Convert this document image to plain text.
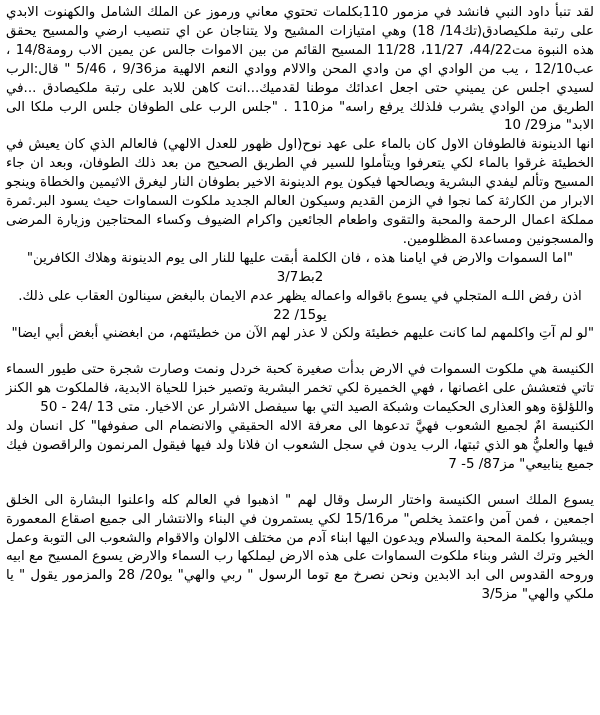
لقد تنبأ داود النبي فانشد في مزمور 110بكلمات تحتوي معاني ورموز عن الملك الشامل والكهنوت الابدي على رتبة ملكيصادق(تك14/ 18) وهي امتيازات المشيح ولا يتناجان عن اي تنصيب ارضي والمسيح يحقق هذه النبوة مت44/22، 11/27، 11/28 المسيح القائم من بين الاموات جالس عن يمين الاب رومة14/8 ، عب12/10 ، يب من الوادي اي من وادي المحن والالام ووادي النعم الالهية مز9/36 ، 5/46 " قال:الرب لسيدي اجلس عن يميني حتى اجعل اعدائك موطنا لقدميك...انت كاهن للابد على رتبة ملكيصادق ...في الطريق من الوادي يشرب فلذلك يرفع راسه" مز110 . "جلس الرب على الطوفان جلس الرب ملكا الى الابد" مز29/ 10

انها الدينونة فالطوفان الاول كان بالماء على عهد نوح(اول ظهور للعدل الالهي) فالعالم الذي كان يعيش في الخطيئة غرقوا بالماء لكي يتعرفوا ويتأملوا للسير في الطريق الصحيح من بعد ذلك الطوفان، وبعد ان جاء المسيح وتألم ليفدي البشرية ويصالحها فيكون يوم الدينونة الاخير بطوفان النار ليغرق الاثيمين والخطاة وينجو الابرار من الكارثة كما نجوا في الزمن القديم وسيكون العالم الجديد ملكوت السماوات حيث يسود البر.ثمرة مملكة اعمال الرحمة والمحبة والتقوى واطعام الجائعين واكرام الضيوف وكساء المحتاجين وزيارة المرضى والمسجونين ومساعدة المظلومين.

"اما السموات والارض في ايامنا هذه ، فان الكلمة أبقت عليها للنار الى يوم الدينونة وهلاك الكافرين" 2بط3/7

اذن رفض اللـه المتجلي في يسوع باقواله واعماله يظهر عدم الايمان بالبغض سينالون العقاب على ذلك.

يو15/ 22

"لو لم آتِ واكلمهم لما كانت عليهم خطيئة ولكن لا عذر لهم الآن من خطيئتهم، من ابغضني أبغض أبي ايضا"

الكنيسة هي ملكوت السموات في الارض بدأت صغيرة كحبة خردل ونمت وصارت شجرة حتى طيور السماء تاتي فتعشش على اغصانها ، فهي الخميرة لكي تخمر البشرية وتصير خبزا للحياة الابدية، فالملكوت هو الكنز واللؤلؤة وهو العذارى الحكيمات وشبكة الصيد التي بها سيفصل الاشرار عن الاخيار. متى 13 /24 - 50

الكنيسة امٌ لجميع الشعوب فهيَّ تدعوها الى معرفة الاله الحقيقي والانضمام الى صفوفها" كل انسان ولد فيها والعليُّ هو الذي ثبتها، الرب يدون في سجل الشعوب ان فلانا ولد فيها فيقول المرنمون والراقصون فيك جميع ينابيعي" مز87/ 5- 7

يسوع الملك اسس الكنيسة واختار الرسل وقال لهم " اذهبوا في العالم كله واعلنوا البشارة الى الخلق اجمعين ، فمن آمن واعتمذ يخلص" مر15/16 لكي يستمرون في البناء والانتشار الى جميع اصقاع المعمورة ويبشروا بكلمة المحبة والسلام ويدعون اليها ابناء آدم من مختلف الالوان والاقوام والشعوب الى التوبة وعمل الخير وترك الشر وبناء ملكوت السماوات على هذه الارض ليملكها رب السماء والارض يسوع المسيح مع ابيه وروحه القدوس الى ابد الابدين ونحن نصرخ مع توما الرسول " ربي والهي" يو20/ 28 والمزمور يقول " يا ملكي والهي" مز3/5
